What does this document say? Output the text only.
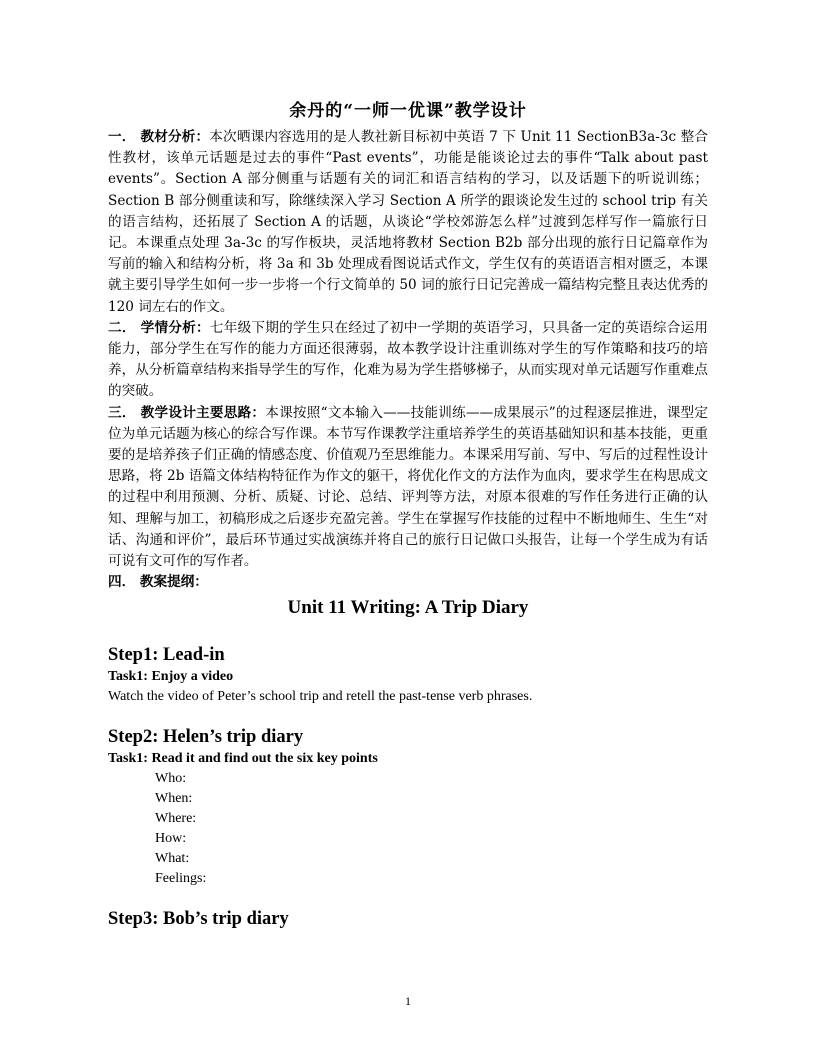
余丹的“一师一优课”教学设计

一． 教材分析：本次晒课内容选用的是人教社新目标初中英语 7 下 Unit 11 SectionB3a-3c 整合性教材，该单元话题是过去的事件“Past events”，功能是能谈论过去的事件“Talk about past events”。Section A 部分侧重与话题有关的词汇和语言结构的学习，以及话题下的听说训练；Section B 部分侧重读和写，除继续深入学习 Section A 所学的跟谈论发生过的 school trip 有关的语言结构，还拓展了 Section A 的话题，从谈论“学校郊游怎么样”过渡到怎样写作一篇旅行日记。本课重点处理 3a-3c 的写作板块，灵活地将教材 Section B2b 部分出现的旅行日记篇章作为写前的输入和结构分析，将 3a 和 3b 处理成看图说话式作文，学生仅有的英语语言相对匮乏，本课就主要引导学生如何一步一步将一个行文简单的 50 词的旅行日记完善成一篇结构完整且表达优秀的 120 词左右的作文。

二． 学情分析：七年级下期的学生只在经过了初中一学期的英语学习，只具备一定的英语综合运用能力，部分学生在写作的能力方面还很薄弱，故本教学设计注重训练对学生的写作策略和技巧的培养，从分析篇章结构来指导学生的写作，化难为易为学生搭够梯子，从而实现对单元话题写作重难点的突破。

三． 教学设计主要思路：本课按照“文本输入——技能训练——成果展示”的过程逐层推进，课型定位为单元话题为核心的综合写作课。本节写作课教学注重培养学生的英语基础知识和基本技能，更重要的是培养孩子们正确的情感态度、价值观乃至思维能力。本课采用写前、写中、写后的过程性设计思路，将 2b 语篇文体结构特征作为作文的躯干，将优化作文的方法作为血肉，要求学生在构思成文的过程中利用预测、分析、质疑、讨论、总结、评判等方法，对原本很难的写作任务进行正确的认知、理解与加工，初稿形成之后逐步充盈完善。学生在掌握写作技能的过程中不断地师生、生生“对话、沟通和评价”，最后环节通过实战演练并将自己的旅行日记做口头报告，让每一个学生成为有话可说有文可作的写作者。

四． 教案提纲：

Unit 11 Writing: A Trip Diary

Step1: Lead-in

Task1: Enjoy a video

Watch the video of Peter’s school trip and retell the past-tense verb phrases.

Step2: Helen’s trip diary

Task1: Read it and find out the six key points

Who:

When:

Where:

How:

What:

Feelings:

Step3: Bob’s trip diary

1
